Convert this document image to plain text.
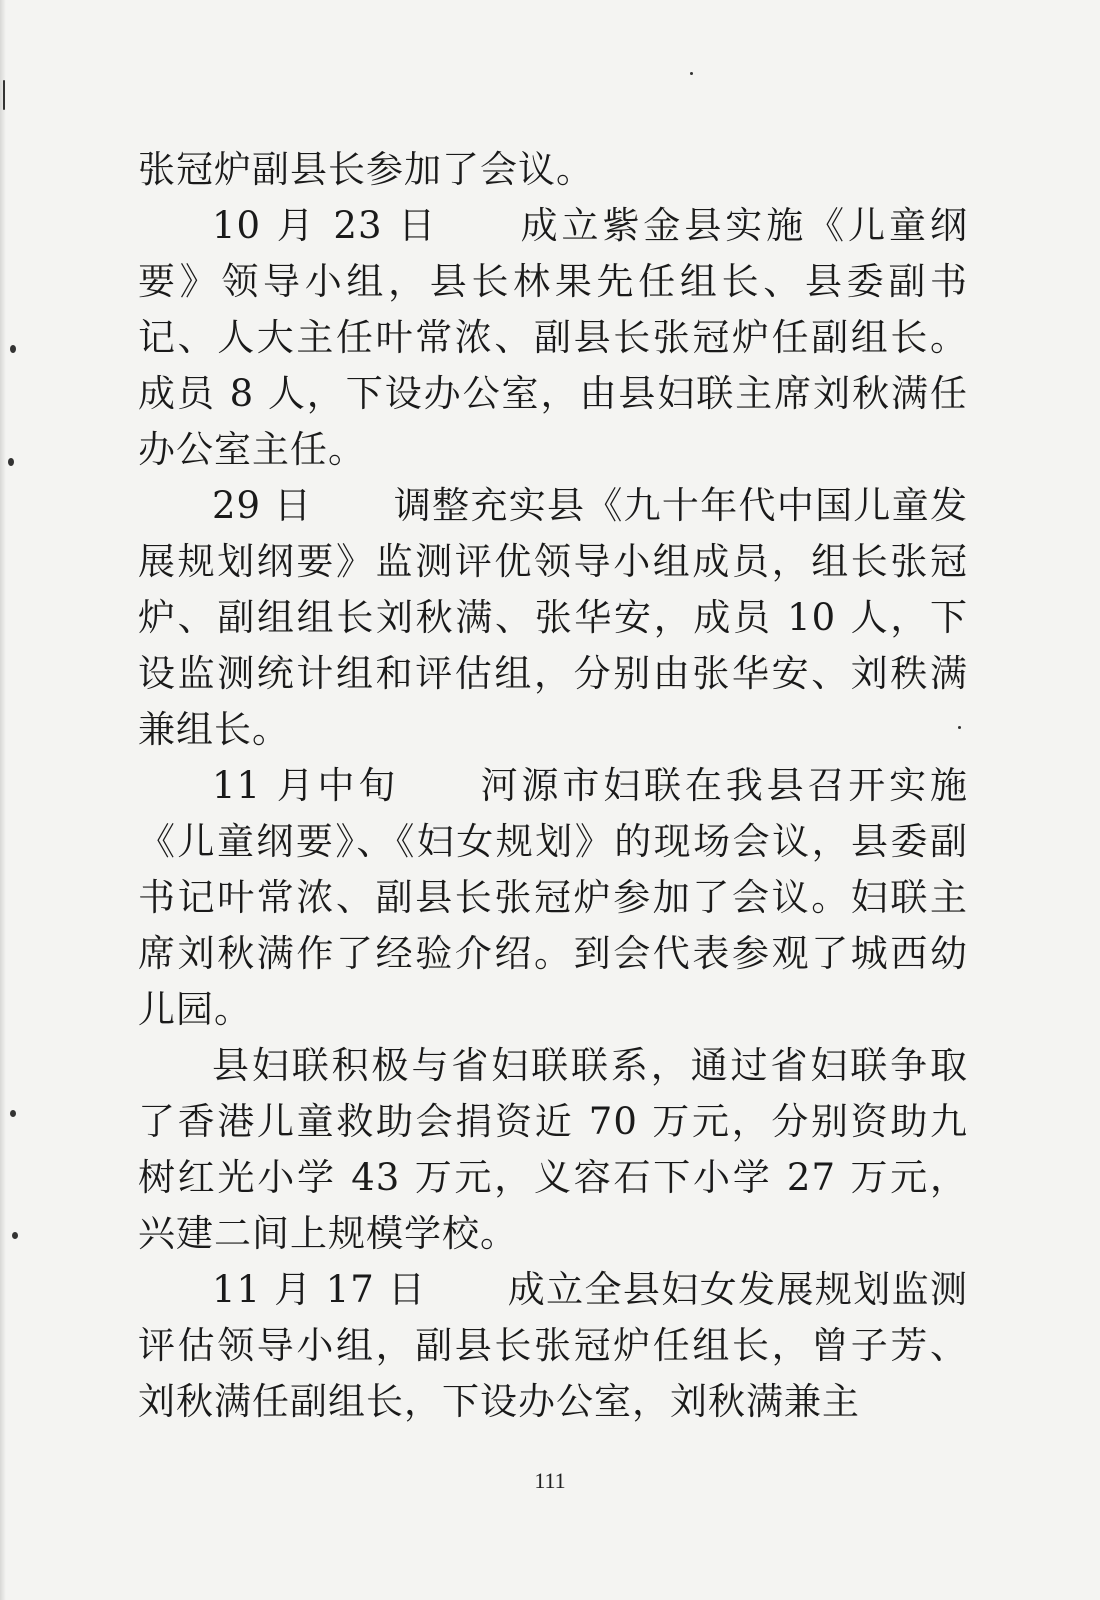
张冠炉副县长参加了会议。

10 月 23 日 成立紫金县实施《儿童纲要》领导小组，县长林果先任组长、县委副书记、人大主任叶常浓、副县长张冠炉任副组长。成员 8 人，下设办公室，由县妇联主席刘秋满任办公室主任。

29 日 调整充实县《九十年代中国儿童发展规划纲要》监测评优领导小组成员，组长张冠炉、副组组长刘秋满、张华安，成员 10 人，下设监测统计组和评估组，分别由张华安、刘秩满兼组长。

11 月中旬 河源市妇联在我县召开实施《儿童纲要》、《妇女规划》的现场会议，县委副书记叶常浓、副县长张冠炉参加了会议。妇联主席刘秋满作了经验介绍。到会代表参观了城西幼儿园。

县妇联积极与省妇联联系，通过省妇联争取了香港儿童救助会捐资近 70 万元，分别资助九树红光小学 43 万元，义容石下小学 27 万元，兴建二间上规模学校。

11 月 17 日 成立全县妇女发展规划监测评估领导小组，副县长张冠炉任组长，曾子芳、刘秋满任副组长，下设办公室，刘秋满兼主

111
